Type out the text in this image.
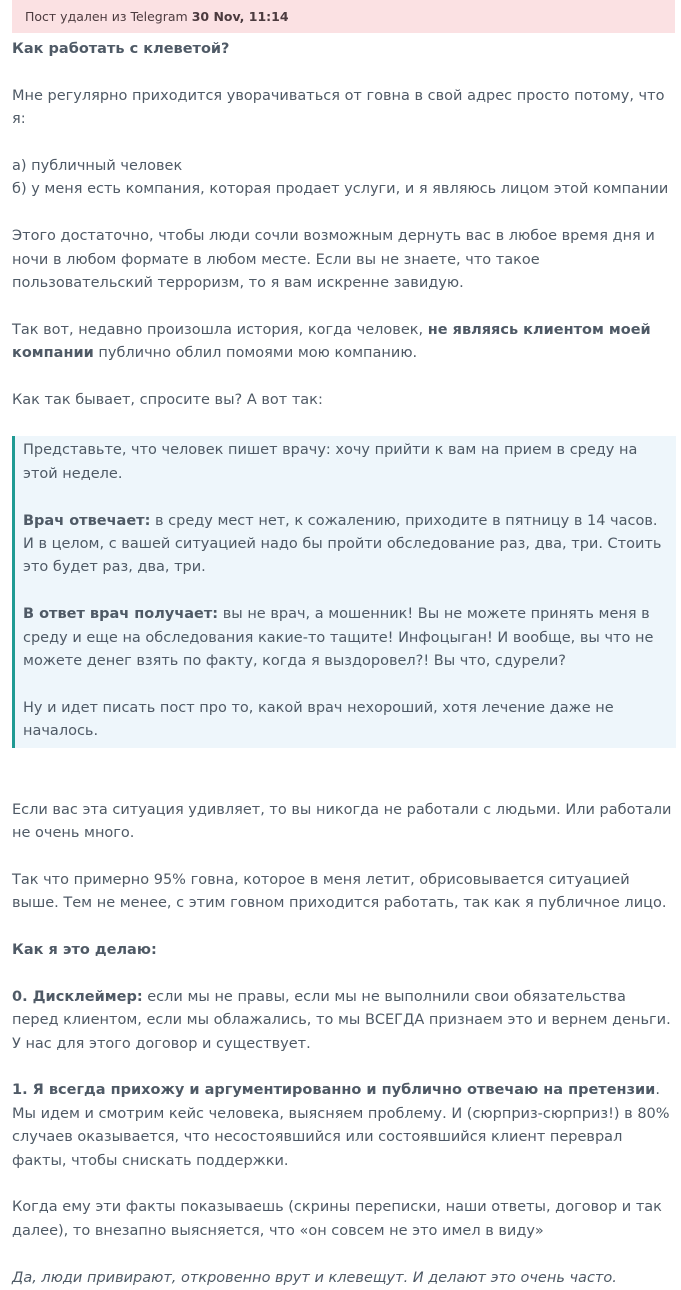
Пост удален из Telegram 30 Nov, 11:14

Как работать с клеветой?

Мне регулярно приходится уворачиваться от говна в свой адрес просто потому, что я:

а) публичный человек

б) у меня есть компания, которая продает услуги, и я являюсь лицом этой компании

Этого достаточно, чтобы люди сочли возможным дернуть вас в любое время дня и ночи в любом формате в любом месте. Если вы не знаете, что такое пользовательский терроризм, то я вам искренне завидую.

Так вот, недавно произошла история, когда человек, не являясь клиентом моей компании публично облил помоями мою компанию.

Как так бывает, спросите вы? А вот так:

Представьте, что человек пишет врачу: хочу прийти к вам на прием в среду на этой неделе.

Врач отвечает: в среду мест нет, к сожалению, приходите в пятницу в 14 часов. И в целом, с вашей ситуацией надо бы пройти обследование раз, два, три. Стоить это будет раз, два, три.

В ответ врач получает: вы не врач, а мошенник! Вы не можете принять меня в среду и еще на обследования какие-то тащите! Инфоцыган! И вообще, вы что не можете денег взять по факту, когда я выздоровел?! Вы что, сдурели?

Ну и идет писать пост про то, какой врач нехороший, хотя лечение даже не началось.

Если вас эта ситуация удивляет, то вы никогда не работали с людьми. Или работали не очень много.

Так что примерно 95% говна, которое в меня летит, обрисовывается ситуацией выше. Тем не менее, с этим говном приходится работать, так как я публичное лицо.

Как я это делаю:

0. Дисклеймер: если мы не правы, если мы не выполнили свои обязательства перед клиентом, если мы облажались, то мы ВСЕГДА признаем это и вернем деньги. У нас для этого договор и существует.

1. Я всегда прихожу и аргументированно и публично отвечаю на претензии. Мы идем и смотрим кейс человека, выясняем проблему. И (сюрприз-сюрприз!) в 80% случаев оказывается, что несостоявшийся или состоявшийся клиент переврал факты, чтобы снискать поддержки.

Когда ему эти факты показываешь (скрины переписки, наши ответы, договор и так далее), то внезапно выясняется, что «он совсем не это имел в виду»

Да, люди привирают, откровенно врут и клевещут. И делают это очень часто.
